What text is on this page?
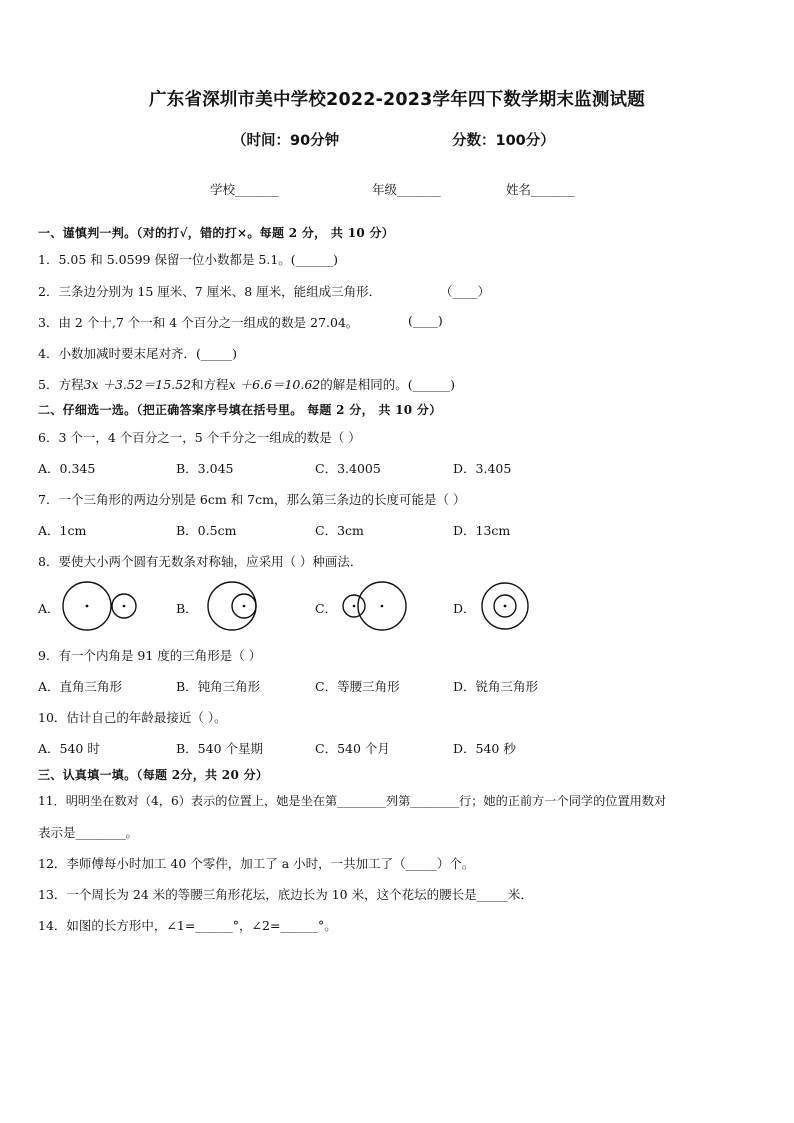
广东省深圳市美中学校2022-2023学年四下数学期末监测试题
（时间：90分钟	分数：100分）
学校_______	年级_______	姓名_______
一、谨慎判一判。（对的打√，错的打×。每题 2 分， 共 10 分）
1．5.05 和 5.0599 保留一位小数都是 5.1。(______)
2．三条边分别为 15 厘米、7 厘米、8 厘米，能组成三角形．	（____）
3．由 2 个十,7 个一和 4 个百分之一组成的数是 27.04。	(____)
4．小数加减时要末尾对齐．(_____)
5．方程3x ＋3.52＝15.52和方程x ＋6.6＝10.62的解是相同的。(______)
二、仔细选一选。（把正确答案序号填在括号里。 每题 2 分， 共 10 分）
6．3 个一，4 个百分之一，5 个千分之一组成的数是（ ）
A．0.345	B．3.045	C．3.4005	D．3.405
7．一个三角形的两边分别是 6cm 和 7cm，那么第三条边的长度可能是（ ）
A．1cm	B．0.5cm	C．3cm	D．13cm
8．要使大小两个圆有无数条对称轴，应采用（ ）种画法．
A．	B．	C．	D．
9．有一个内角是 91 度的三角形是（ ）
A．直角三角形	B．钝角三角形	C．等腰三角形	D．锐角三角形
10．估计自己的年龄最接近（ ）。
A．540 时	B．540 个星期	C．540 个月	D．540 秒
三、认真填一填。（每题 2分，共 20 分）
11．明明坐在数对（4，6）表示的位置上，她是坐在第________列第________行；她的正前方一个同学的位置用数对
表示是________。
12．李师傅每小时加工 40 个零件，加工了 a 小时，一共加工了（_____）个。
13．一个周长为 24 米的等腰三角形花坛，底边长为 10 米，这个花坛的腰长是_____米．
14．如图的长方形中，∠1=______°，∠2=______°。
